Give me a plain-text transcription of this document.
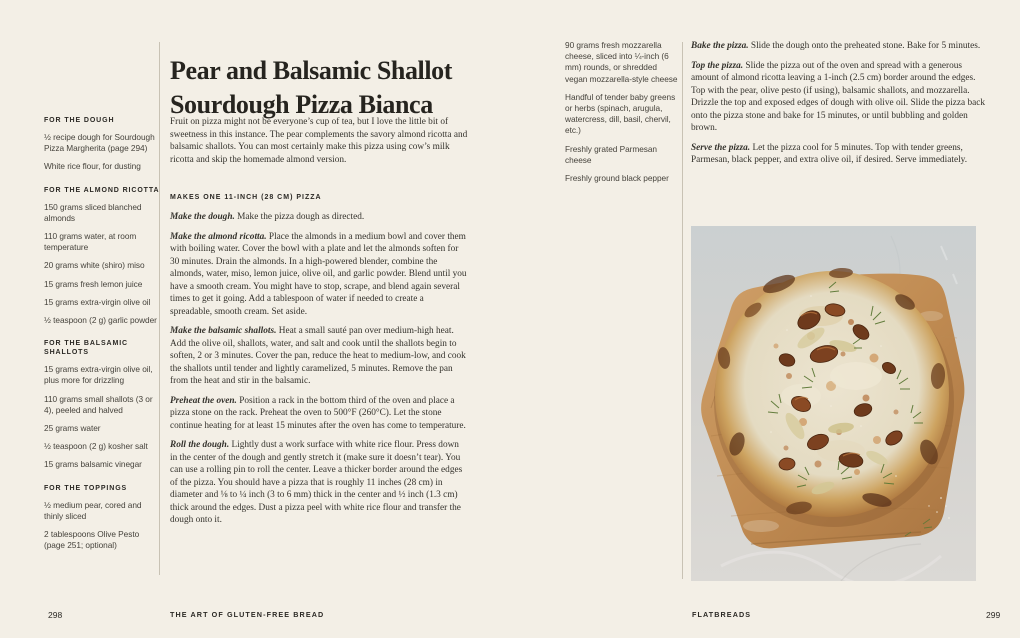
FOR THE DOUGH
½ recipe dough for Sourdough Pizza Margherita (page 294)
White rice flour, for dusting
FOR THE ALMOND RICOTTA
150 grams sliced blanched almonds
110 grams water, at room temperature
20 grams white (shiro) miso
15 grams fresh lemon juice
15 grams extra-virgin olive oil
½ teaspoon (2 g) garlic powder
FOR THE BALSAMIC SHALLOTS
15 grams extra-virgin olive oil, plus more for drizzling
110 grams small shallots (3 or 4), peeled and halved
25 grams water
½ teaspoon (2 g) kosher salt
15 grams balsamic vinegar
FOR THE TOPPINGS
½ medium pear, cored and thinly sliced
2 tablespoons Olive Pesto (page 251; optional)
Pear and Balsamic Shallot
Sourdough Pizza Bianca

Fruit on pizza might not be everyone’s cup of tea, but I love the little bit of sweetness in this instance. The pear complements the savory almond ricotta and balsamic shallots. You can most certainly make this pizza using cow’s milk ricotta and skip the homemade almond version.

MAKES ONE 11-INCH (28 CM) PIZZA

Make the dough. Make the pizza dough as directed.

Make the almond ricotta. Place the almonds in a medium bowl and cover them with boiling water. Cover the bowl with a plate and let the almonds soften for 30 minutes. Drain the almonds. In a high-powered blender, combine the almonds, water, miso, lemon juice, olive oil, and garlic powder. Blend until you have a smooth cream. You might have to stop, scrape, and blend again several times to get it going. Add a tablespoon of water if needed to create a spreadable, smooth cream. Set aside.

Make the balsamic shallots. Heat a small sauté pan over medium-high heat. Add the olive oil, shallots, water, and salt and cook until the shallots begin to soften, 2 or 3 minutes. Cover the pan, reduce the heat to medium-low, and cook the shallots until tender and lightly caramelized, 5 minutes. Remove the pan from the heat and stir in the balsamic.

Preheat the oven. Position a rack in the bottom third of the oven and place a pizza stone on the rack. Preheat the oven to 500°F (260°C). Let the stone continue heating for at least 15 minutes after the oven has come to temperature.

Roll the dough. Lightly dust a work surface with white rice flour. Press down in the center of the dough and gently stretch it (make sure it doesn’t tear). You can use a rolling pin to roll the center. Leave a thicker border around the edges of the pizza. You should have a pizza that is roughly 11 inches (28 cm) in diameter and ⅛ to ¼ inch (3 to 6 mm) thick in the center and ½ inch (1.3 cm) thick around the edges. Dust a pizza peel with white rice flour and transfer the dough onto it.

298	THE ART OF GLUTEN-FREE BREAD
90 grams fresh mozzarella cheese, sliced into ¼-inch (6 mm) rounds, or shredded vegan mozzarella-style cheese
Handful of tender baby greens or herbs (spinach, arugula, watercress, dill, basil, chervil, etc.)
Freshly grated Parmesan cheese
Freshly ground black pepper

Bake the pizza. Slide the dough onto the preheated stone. Bake for 5 minutes.

Top the pizza. Slide the pizza out of the oven and spread with a generous amount of almond ricotta leaving a 1-inch (2.5 cm) border around the edges. Top with the pear, olive pesto (if using), balsamic shallots, and mozzarella. Drizzle the top and exposed edges of dough with olive oil. Slide the pizza back onto the pizza stone and bake for 15 minutes, or until bubbling and golden brown.

Serve the pizza. Let the pizza cool for 5 minutes. Top with tender greens, Parmesan, black pepper, and extra olive oil, if desired. Serve immediately.

FLATBREADS	299
